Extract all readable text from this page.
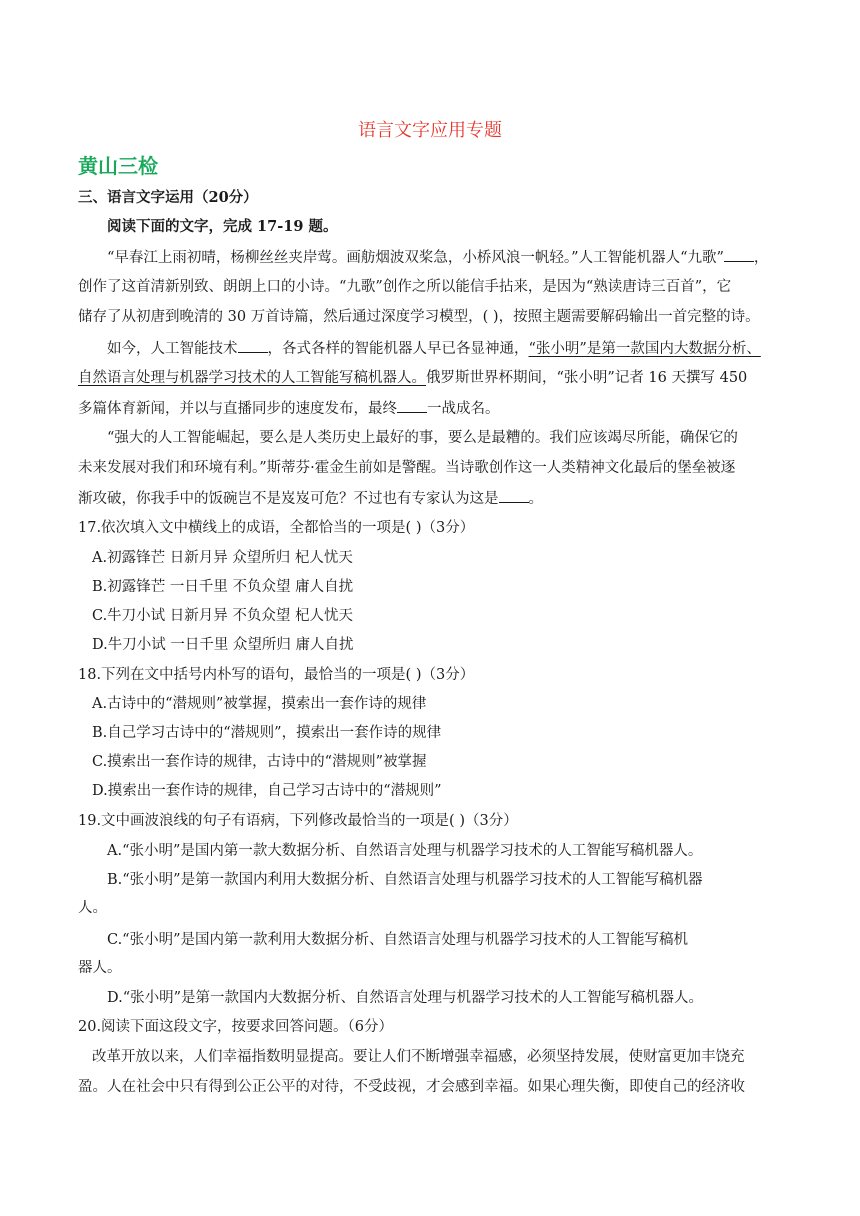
语言文字应用专题
黄山三检
三、语言文字运用（20分）
阅读下面的文字，完成 17-19 题。
“早春江上雨初晴，杨柳丝丝夹岸莺。画舫烟波双桨急，小桥风浪一帆轻。”人工智能机器人“九歌” ，
创作了这首清新别致、朗朗上口的小诗。“九歌”创作之所以能信手拈来，是因为“熟读唐诗三百首”，它
储存了从初唐到晚清的 30 万首诗篇，然后通过深度学习模型，( )，按照主题需要解码输出一首完整的诗。
如今，人工智能技术 ，各式各样的智能机器人早已各显神通，“张小明”是第一款国内大数据分析、
自然语言处理与机器学习技术的人工智能写稿机器人。俄罗斯世界杯期间，“张小明”记者 16 天撰写 450
多篇体育新闻，并以与直播同步的速度发布，最终 一战成名。
“强大的人工智能崛起，要么是人类历史上最好的事，要么是最糟的。我们应该竭尽所能，确保它的
未来发展对我们和环境有利。”斯蒂芬·霍金生前如是警醒。当诗歌创作这一人类精神文化最后的堡垒被逐
渐攻破，你我手中的饭碗岂不是岌岌可危？不过也有专家认为这是 。
17.依次填入文中横线上的成语，全都恰当的一项是( )（3分）
A.初露锋芒 日新月异 众望所归 杞人忧天
B.初露锋芒 一日千里 不负众望 庸人自扰
C.牛刀小试 日新月异 不负众望 杞人忧天
D.牛刀小试 一日千里 众望所归 庸人自扰
18.下列在文中括号内朴写的语句，最恰当的一项是( )（3分）
A.古诗中的“潜规则”被掌握，摸索出一套作诗的规律
B.自己学习古诗中的“潜规则”，摸索出一套作诗的规律
C.摸索出一套作诗的规律，古诗中的“潜规则”被掌握
D.摸索出一套作诗的规律，自己学习古诗中的“潜规则”
19.文中画波浪线的句子有语病，下列修改最恰当的一项是( )（3分）
A.“张小明”是国内第一款大数据分析、自然语言处理与机器学习技术的人工智能写稿机器人。
B.“张小明”是第一款国内利用大数据分析、自然语言处理与机器学习技术的人工智能写稿机器
人。
C.“张小明”是国内第一款利用大数据分析、自然语言处理与机器学习技术的人工智能写稿机
器人。
D.“张小明”是第一款国内大数据分析、自然语言处理与机器学习技术的人工智能写稿机器人。
20.阅读下面这段文字，按要求回答问题。（6分）
改革开放以来，人们幸福指数明显提高。要让人们不断增强幸福感，必须坚持发展，使财富更加丰饶充
盈。人在社会中只有得到公正公平的对待，不受歧视，才会感到幸福。如果心理失衡，即使自己的经济收
